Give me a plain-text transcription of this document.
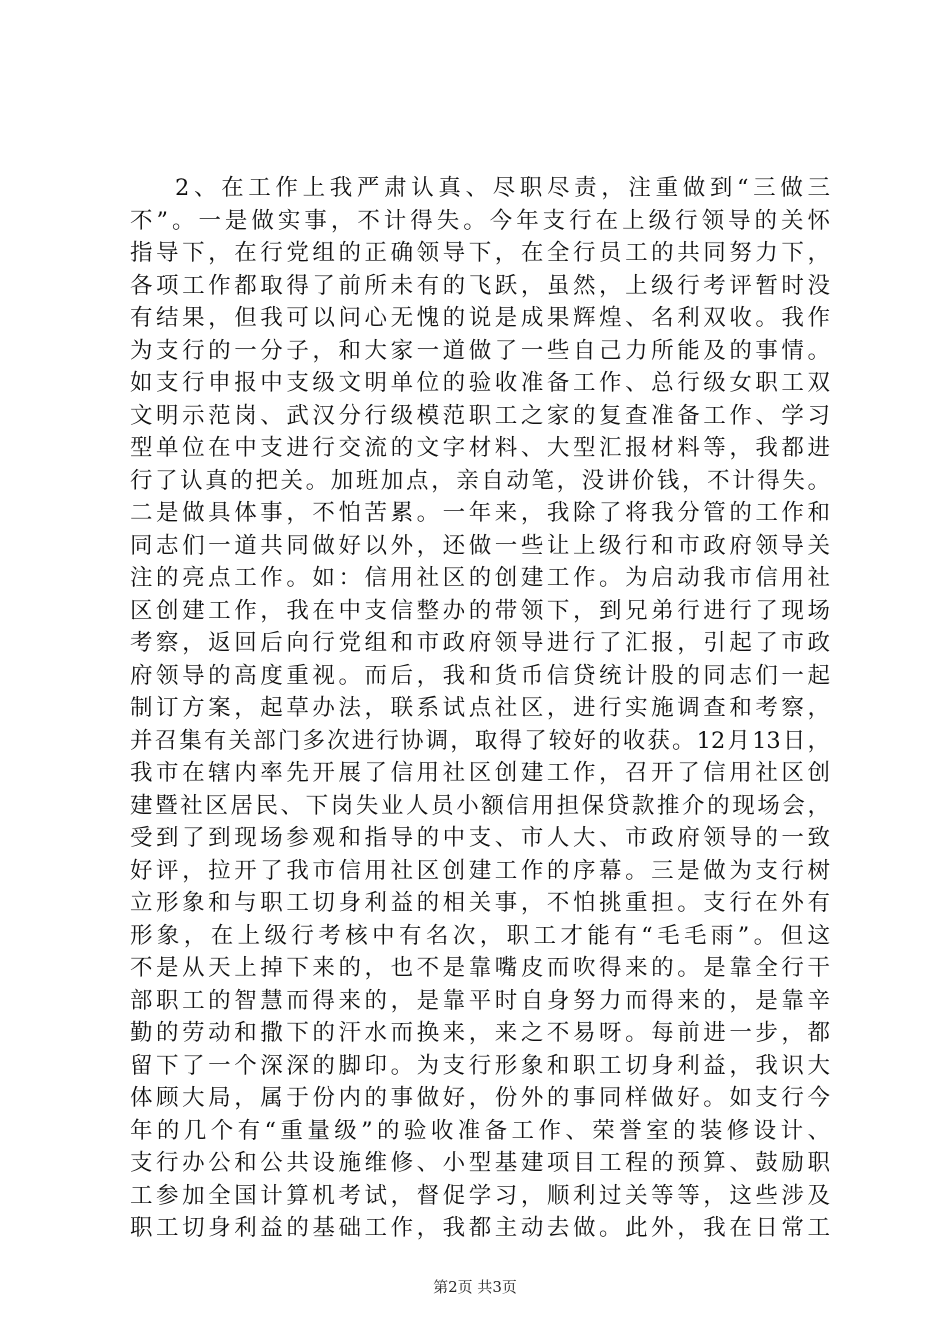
2、在工作上我严肃认真、尽职尽责，注重做到“三做三
不”。一是做实事，不计得失。今年支行在上级行领导的关怀
指导下，在行党组的正确领导下，在全行员工的共同努力下，
各项工作都取得了前所未有的飞跃，虽然，上级行考评暂时没
有结果，但我可以问心无愧的说是成果辉煌、名利双收。我作
为支行的一分子，和大家一道做了一些自己力所能及的事情。
如支行申报中支级文明单位的验收准备工作、总行级女职工双
文明示范岗、武汉分行级模范职工之家的复查准备工作、学习
型单位在中支进行交流的文字材料、大型汇报材料等，我都进
行了认真的把关。加班加点，亲自动笔，没讲价钱，不计得失。
二是做具体事，不怕苦累。一年来，我除了将我分管的工作和
同志们一道共同做好以外，还做一些让上级行和市政府领导关
注的亮点工作。如：信用社区的创建工作。为启动我市信用社
区创建工作，我在中支信整办的带领下，到兄弟行进行了现场
考察，返回后向行党组和市政府领导进行了汇报，引起了市政
府领导的高度重视。而后，我和货币信贷统计股的同志们一起
制订方案，起草办法，联系试点社区，进行实施调查和考察，
并召集有关部门多次进行协调，取得了较好的收获。12月13日，
我市在辖内率先开展了信用社区创建工作，召开了信用社区创
建暨社区居民、下岗失业人员小额信用担保贷款推介的现场会，
受到了到现场参观和指导的中支、市人大、市政府领导的一致
好评，拉开了我市信用社区创建工作的序幕。三是做为支行树
立形象和与职工切身利益的相关事，不怕挑重担。支行在外有
形象，在上级行考核中有名次，职工才能有“毛毛雨”。但这
不是从天上掉下来的，也不是靠嘴皮而吹得来的。是靠全行干
部职工的智慧而得来的，是靠平时自身努力而得来的，是靠辛
勤的劳动和撒下的汗水而换来，来之不易呀。每前进一步，都
留下了一个深深的脚印。为支行形象和职工切身利益，我识大
体顾大局，属于份内的事做好，份外的事同样做好。如支行今
年的几个有“重量级”的验收准备工作、荣誉室的装修设计、
支行办公和公共设施维修、小型基建项目工程的预算、鼓励职
工参加全国计算机考试，督促学习，顺利过关等等，这些涉及
职工切身利益的基础工作，我都主动去做。此外，我在日常工
第2页 共3页
